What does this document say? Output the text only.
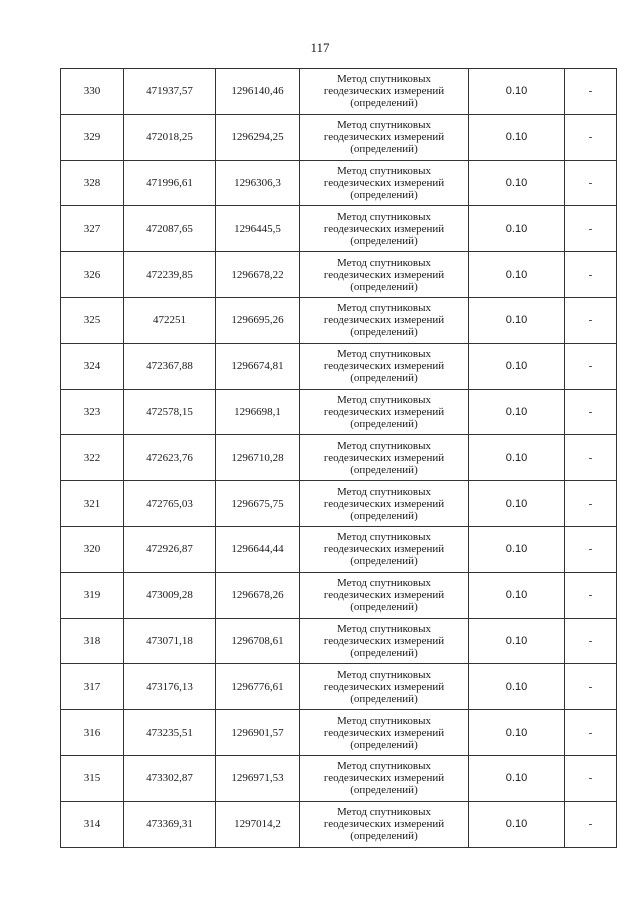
117
330	471937,57	1296140,46	Метод спутниковых геодезических измерений (определений)	0.10	-
329	472018,25	1296294,25	Метод спутниковых геодезических измерений (определений)	0.10	-
328	471996,61	1296306,3	Метод спутниковых геодезических измерений (определений)	0.10	-
327	472087,65	1296445,5	Метод спутниковых геодезических измерений (определений)	0.10	-
326	472239,85	1296678,22	Метод спутниковых геодезических измерений (определений)	0.10	-
325	472251	1296695,26	Метод спутниковых геодезических измерений (определений)	0.10	-
324	472367,88	1296674,81	Метод спутниковых геодезических измерений (определений)	0.10	-
323	472578,15	1296698,1	Метод спутниковых геодезических измерений (определений)	0.10	-
322	472623,76	1296710,28	Метод спутниковых геодезических измерений (определений)	0.10	-
321	472765,03	1296675,75	Метод спутниковых геодезических измерений (определений)	0.10	-
320	472926,87	1296644,44	Метод спутниковых геодезических измерений (определений)	0.10	-
319	473009,28	1296678,26	Метод спутниковых геодезических измерений (определений)	0.10	-
318	473071,18	1296708,61	Метод спутниковых геодезических измерений (определений)	0.10	-
317	473176,13	1296776,61	Метод спутниковых геодезических измерений (определений)	0.10	-
316	473235,51	1296901,57	Метод спутниковых геодезических измерений (определений)	0.10	-
315	473302,87	1296971,53	Метод спутниковых геодезических измерений (определений)	0.10	-
314	473369,31	1297014,2	Метод спутниковых геодезических измерений (определений)	0.10	-
